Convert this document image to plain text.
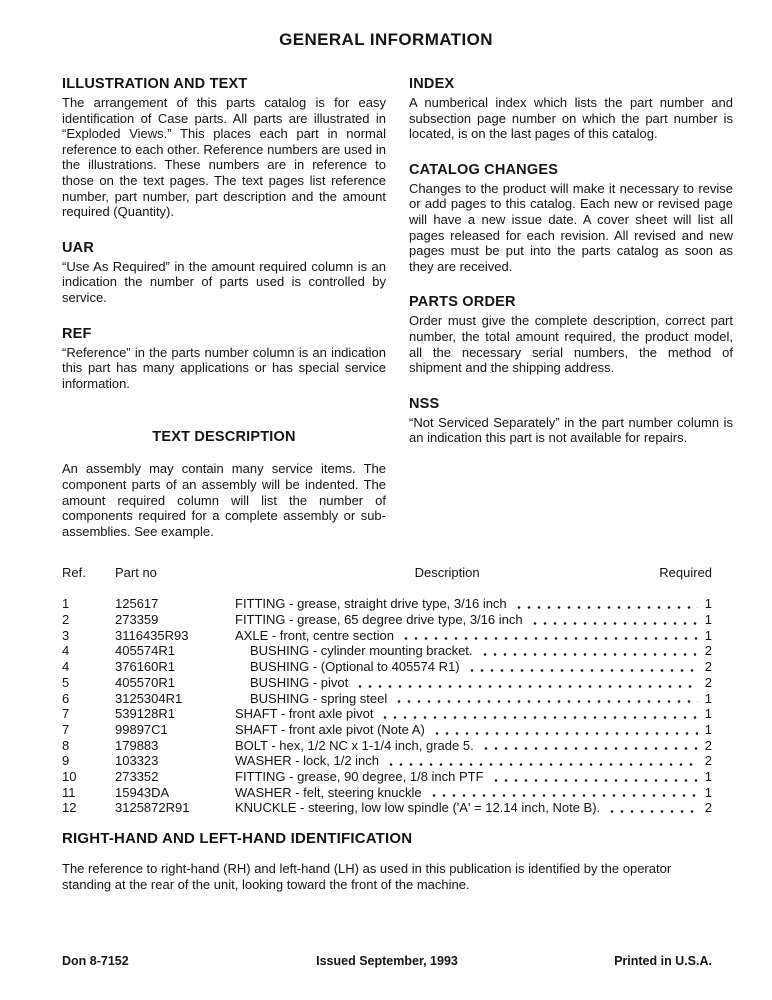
GENERAL INFORMATION
ILLUSTRATION AND TEXT

The arrangement of this parts catalog is for easy identification of Case parts. All parts are illustrated in “Exploded Views.” This places each part in normal reference to each other. Reference numbers are used in the illustrations. These numbers are in reference to those on the text pages. The text pages list reference number, part number, part description and the amount required (Quantity).

UAR

“Use As Required” in the amount required column is an indication the number of parts used is controlled by service.

REF

“Reference” in the parts number column is an indication this part has many applications or has special service information.

TEXT DESCRIPTION

An assembly may contain many service items. The component parts of an assembly will be indented. The amount required column will list the number of components required for a complete assembly or sub-assemblies. See example.

INDEX

A numberical index which lists the part number and subsection page number on which the part number is located, is on the last pages of this catalog.

CATALOG CHANGES

Changes to the product will make it necessary to revise or add pages to this catalog. Each new or revised page will have a new issue date. A cover sheet will list all pages released for each revision. All revised and new pages must be put into the parts catalog as soon as they are received.

PARTS ORDER

Order must give the complete description, correct part number, the total amount required, the product model, all the necessary serial numbers, the method of shipment and the shipping address.

NSS

“Not Serviced Separately” in the part number column is an indication this part is not available for repairs.

Ref.	Part no	Description	Required
1	125617	FITTING - grease, straight drive type, 3/16 inch	1
2	273359	FITTING - grease, 65 degree drive type, 3/16 inch	1
3	3116435R93	AXLE - front, centre section	1
4	405574R1	BUSHING - cylinder mounting bracket.	2
4	376160R1	BUSHING - (Optional to 405574 R1)	2
5	405570R1	BUSHING - pivot	2
6	3125304R1	BUSHING - spring steel	1
7	539128R1	SHAFT - front axle pivot	1
7	99897C1	SHAFT - front axle pivot (Note A)	1
8	179883	BOLT - hex, 1/2 NC x 1-1/4 inch, grade 5.	2
9	103323	WASHER - lock, 1/2 inch	2
10	273352	FITTING - grease, 90 degree, 1/8 inch PTF	1
11	15943DA	WASHER - felt, steering knuckle	1
12	3125872R91	KNUCKLE - steering, low low spindle ('A' = 12.14 inch, Note B).	2
RIGHT-HAND AND LEFT-HAND IDENTIFICATION

The reference to right-hand (RH) and left-hand (LH) as used in this publication is identified by the operator standing at the rear of the unit, looking toward the front of the machine.

Issued September, 1993
Don 8-7152	Printed in U.S.A.
